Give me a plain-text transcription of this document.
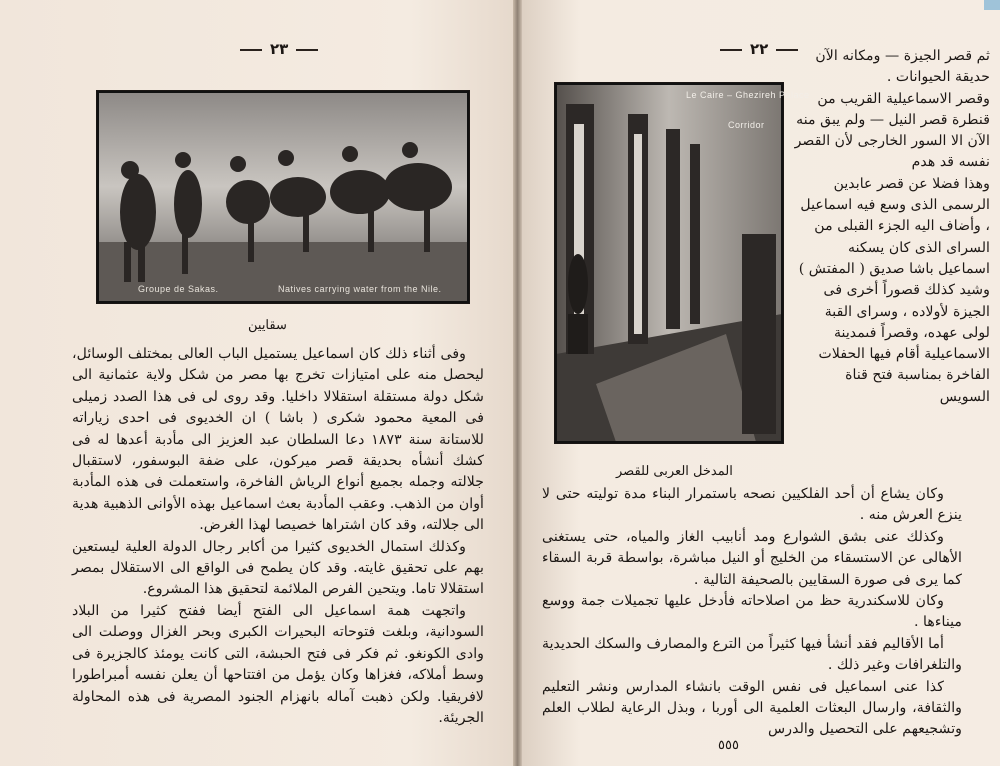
٢٣
Groupe de Sakas.	Natives carrying water from the Nile.
سقايين

وفى أثناء ذلك كان اسماعيل يستميل الباب العالى بمختلف الوسائل، ليحصل منه على امتيازات تخرج بها مصر من شكل ولاية عثمانية الى شكل دولة مستقلة استقلالا داخليا. وقد روى لى فى هذا الصدد زميلى فى المعية محمود شكرى ( باشا ) ان الخديوى فى احدى زياراته للاستانة سنة ١٨٧٣ دعا السلطان عبد العزيز الى مأدبة أعدها له فى كشك أنشأه بحديقة قصر ميركون، على ضفة البوسفور، لاستقبال جلالته وجمله بجميع أنواع الرياش الفاخرة، واستعملت فى هذه المأدبة أوان من الذهب. وعقب المأدبة بعث اسماعيل بهذه الأوانى الذهبية هدية الى جلالته، وقد كان اشتراها خصيصا لهذا الغرض.

وكذلك استمال الخديوى كثيرا من أكابر رجال الدولة العلية ليستعين بهم على تحقيق غايته. وقد كان يطمح فى الواقع الى الاستقلال بمصر استقلالا تاما. ويتحين الفرص الملائمة لتحقيق هذا المشروع.

واتجهت همة اسماعيل الى الفتح أيضا ففتح كثيرا من البلاد السودانية، وبلغت فتوحاته البحيرات الكبرى وبحر الغزال ووصلت الى وادى الكونغو. ثم فكر فى فتح الحبشة، التى كانت يومئذ كالجزيرة فى وسط أملاكه، فغزاها وكان يؤمل من افتتاحها أن يعلن نفسه أمبراطورا لافريقيا. ولكن ذهبت آماله بانهزام الجنود المصرية فى هذه المحاولة الجريئة.

٢٢
Le Caire – Ghezireh Palace
Corridor
المدخل العربى للقصر

ثم قصر الجيزة — ومكانه الآن حديقة الحيوانات .

وقصر الاسماعيلية القريب من قنطرة قصر النيل — ولم يبق منه الآن الا السور الخارجى لأن القصر نفسه قد هدم

وهذا فضلا عن قصر عابدين الرسمى الذى وسع فيه اسماعيل ، وأضاف اليه الجزء القبلى من السراى الذى كان يسكنه اسماعيل باشا صديق ( المفتش )

وشيد كذلك قصوراً أخرى فى الجيزة لأولاده ، وسراى القبة لولى عهده، وقصراً فىمدينة الاسماعيلية أقام فيها الحفلات الفاخرة بمناسبة فتح قناة السويس

وكان يشاع أن أحد الفلكيين نصحه باستمرار البناء مدة توليته حتى لا ينزع العرش منه .

وكذلك عنى بشق الشوارع ومد أنابيب الغاز والمياه، حتى يستغنى الأهالى عن الاستسقاء من الخليج أو النيل مباشرة، بواسطة قربة السقاء كما يرى فى صورة السقايين بالصحيفة التالية .

وكان للاسكندرية حظ من اصلاحاته فأدخل عليها تجميلات جمة ووسع ميناءها .

أما الأقاليم فقد أنشأ فيها كثيراً من الترع والمصارف والسكك الحديدية والتلغرافات وغير ذلك .

كذا عنى اسماعيل فى نفس الوقت بانشاء المدارس ونشر التعليم والثقافة، وارسال البعثات العلمية الى أوربا ، وبذل الرعاية لطلاب العلم وتشجيعهم على التحصيل والدرس

٥٥٥
